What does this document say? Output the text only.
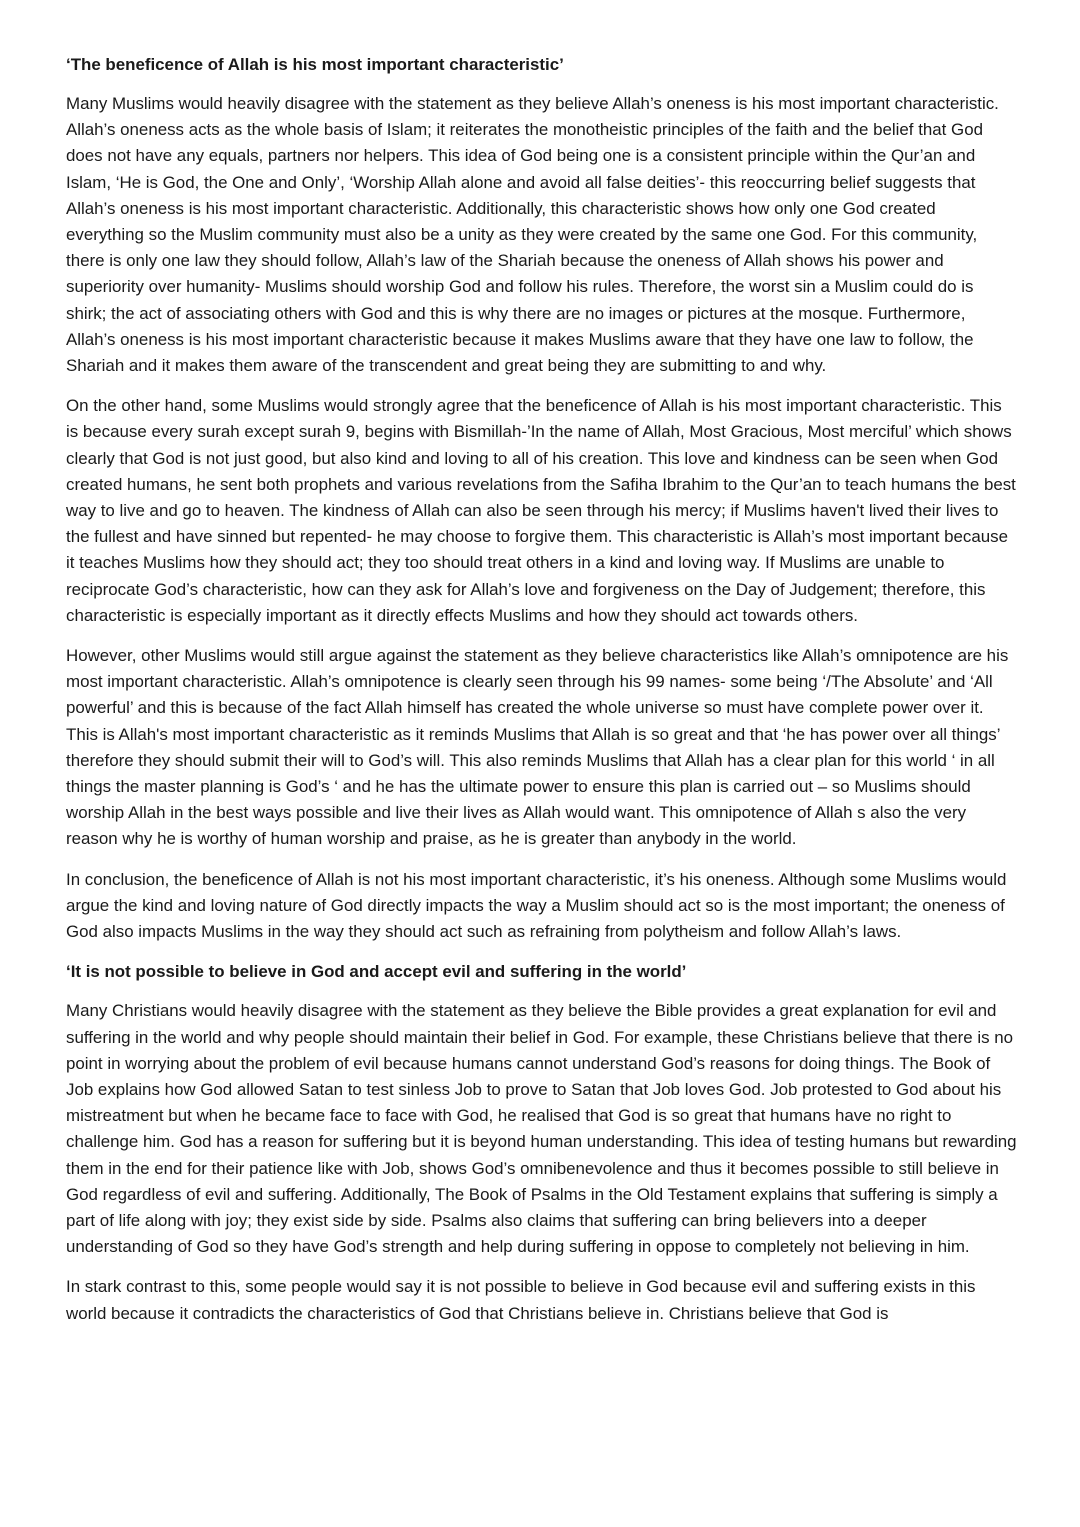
‘The beneficence of Allah is his most important characteristic’

Many Muslims would heavily disagree with the statement as they believe Allah’s oneness is his most important characteristic. Allah’s oneness acts as the whole basis of Islam; it reiterates the monotheistic principles of the faith and the belief that God does not have any equals, partners nor helpers. This idea of God being one is a consistent principle within the Qur’an and Islam, ‘He is God, the One and Only’, ‘Worship Allah alone and avoid all false deities’- this reoccurring belief suggests that Allah’s oneness is his most important characteristic. Additionally, this characteristic shows how only one God created everything so the Muslim community must also be a unity as they were created by the same one God. For this community, there is only one law they should follow, Allah’s law of the Shariah because the oneness of Allah shows his power and superiority over humanity- Muslims should worship God and follow his rules. Therefore, the worst sin a Muslim could do is shirk; the act of associating others with God and this is why there are no images or pictures at the mosque. Furthermore, Allah’s oneness is his most important characteristic because it makes Muslims aware that they have one law to follow, the Shariah and it makes them aware of the transcendent and great being they are submitting to and why.

On the other hand, some Muslims would strongly agree that the beneficence of Allah is his most important characteristic. This is because every surah except surah 9, begins with Bismillah-’In the name of Allah, Most Gracious, Most merciful’ which shows clearly that God is not just good, but also kind and loving to all of his creation. This love and kindness can be seen when God created humans, he sent both prophets and various revelations from the Safiha Ibrahim to the Qur’an to teach humans the best way to live and go to heaven. The kindness of Allah can also be seen through his mercy; if Muslims haven't lived their lives to the fullest and have sinned but repented- he may choose to forgive them. This characteristic is Allah’s most important because it teaches Muslims how they should act; they too should treat others in a kind and loving way. If Muslims are unable to reciprocate God’s characteristic, how can they ask for Allah’s love and forgiveness on the Day of Judgement; therefore, this characteristic is especially important as it directly effects Muslims and how they should act towards others.

However, other Muslims would still argue against the statement as they believe characteristics like Allah’s omnipotence are his most important characteristic. Allah’s omnipotence is clearly seen through his 99 names- some being ‘/The Absolute’ and ‘All powerful’ and this is because of the fact Allah himself has created the whole universe so must have complete power over it. This is Allah's most important characteristic as it reminds Muslims that Allah is so great and that ‘he has power over all things’ therefore they should submit their will to God’s will. This also reminds Muslims that Allah has a clear plan for this world ‘ in all things the master planning is God’s ‘ and he has the ultimate power to ensure this plan is carried out – so Muslims should worship Allah in the best ways possible and live their lives as Allah would want. This omnipotence of Allah s also the very reason why he is worthy of human worship and praise, as he is greater than anybody in the world.

In conclusion, the beneficence of Allah is not his most important characteristic, it’s his oneness. Although some Muslims would argue the kind and loving nature of God directly impacts the way a Muslim should act so is the most important; the oneness of God also impacts Muslims in the way they should act such as refraining from polytheism and follow Allah’s laws.

‘It is not possible to believe in God and accept evil and suffering in the world’

Many Christians would heavily disagree with the statement as they believe the Bible provides a great explanation for evil and suffering in the world and why people should maintain their belief in God. For example, these Christians believe that there is no point in worrying about the problem of evil because humans cannot understand God’s reasons for doing things. The Book of Job explains how God allowed Satan to test sinless Job to prove to Satan that Job loves God. Job protested to God about his mistreatment but when he became face to face with God, he realised that God is so great that humans have no right to challenge him. God has a reason for suffering but it is beyond human understanding. This idea of testing humans but rewarding them in the end for their patience like with Job, shows God’s omnibenevolence and thus it becomes possible to still believe in God regardless of evil and suffering. Additionally, The Book of Psalms in the Old Testament explains that suffering is simply a part of life along with joy; they exist side by side. Psalms also claims that suffering can bring believers into a deeper understanding of God so they have God’s strength and help during suffering in oppose to completely not believing in him.

In stark contrast to this, some people would say it is not possible to believe in God because evil and suffering exists in this world because it contradicts the characteristics of God that Christians believe in. Christians believe that God is
